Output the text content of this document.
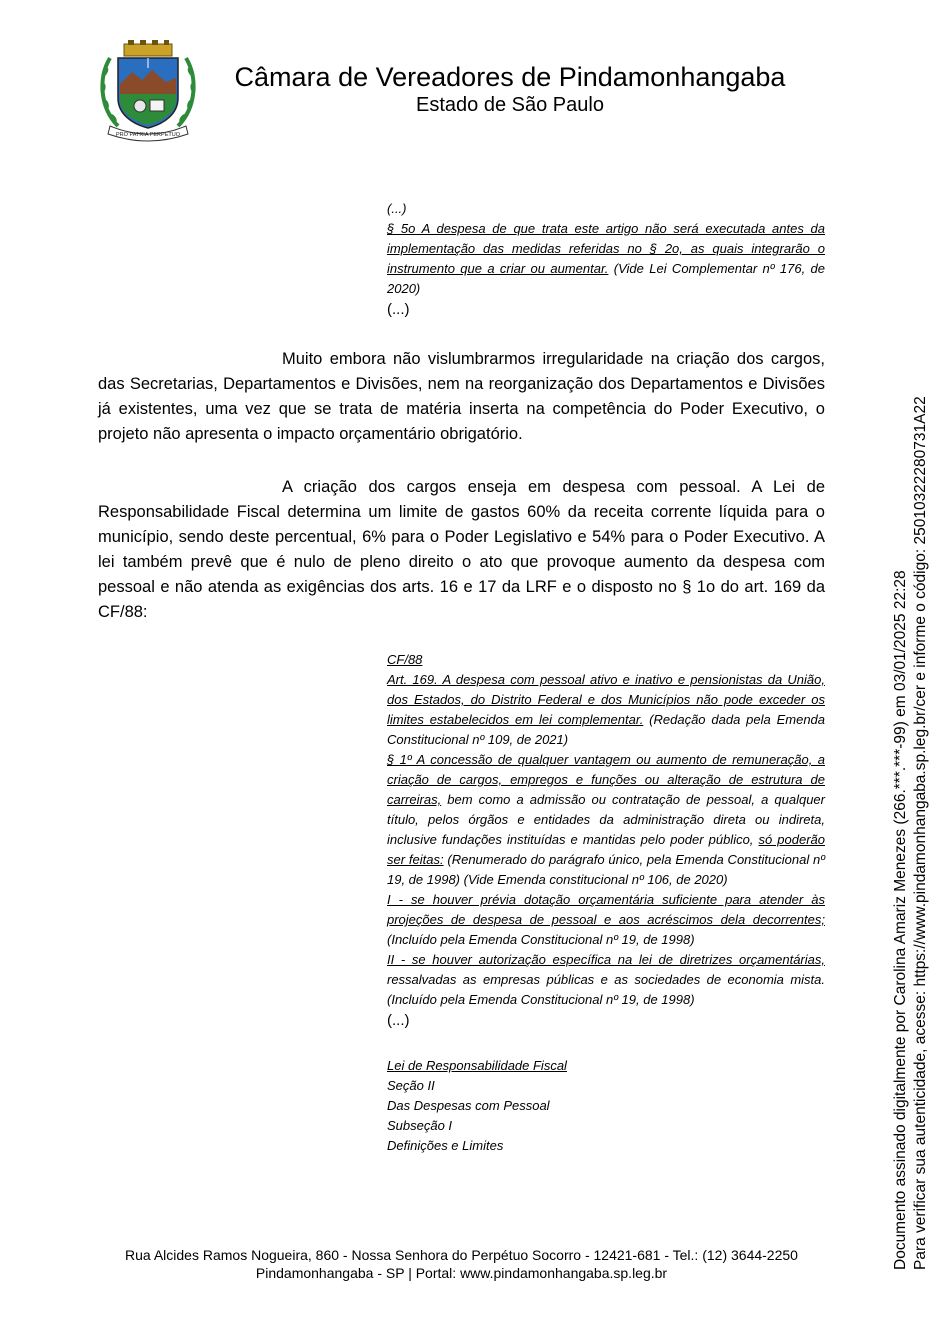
PRO PATRIA PERPETUO
Câmara de Vereadores de Pindamonhangaba
Estado de São Paulo

(...)

§ 5o A despesa de que trata este artigo não será executada antes da implementação das medidas referidas no § 2o, as quais integrarão o instrumento que a criar ou aumentar. (Vide Lei Complementar nº 176, de 2020)

(...)

Muito embora não vislumbrarmos irregularidade na criação dos cargos, das Secretarias, Departamentos e Divisões, nem na reorganização dos Departamentos e Divisões já existentes, uma vez que se trata de matéria inserta na competência do Poder Executivo, o projeto não apresenta o impacto orçamentário obrigatório.

A criação dos cargos enseja em despesa com pessoal. A Lei de Responsabilidade Fiscal determina um limite de gastos 60% da receita corrente líquida para o município, sendo deste percentual, 6% para o Poder Legislativo e 54% para o Poder Executivo. A lei também prevê que é nulo de pleno direito o ato que provoque aumento da despesa com pessoal e não atenda as exigências dos arts. 16 e 17 da LRF e o disposto no § 1o do art. 169 da CF/88:

CF/88

Art. 169. A despesa com pessoal ativo e inativo e pensionistas da União, dos Estados, do Distrito Federal e dos Municípios não pode exceder os limites estabelecidos em lei complementar. (Redação dada pela Emenda Constitucional nº 109, de 2021)

§ 1º A concessão de qualquer vantagem ou aumento de remuneração, a criação de cargos, empregos e funções ou alteração de estrutura de carreiras, bem como a admissão ou contratação de pessoal, a qualquer título, pelos órgãos e entidades da administração direta ou indireta, inclusive fundações instituídas e mantidas pelo poder público, só poderão ser feitas: (Renumerado do parágrafo único, pela Emenda Constitucional nº 19, de 1998) (Vide Emenda constitucional nº 106, de 2020)

I - se houver prévia dotação orçamentária suficiente para atender às projeções de despesa de pessoal e aos acréscimos dela decorrentes; (Incluído pela Emenda Constitucional nº 19, de 1998)

II - se houver autorização específica na lei de diretrizes orçamentárias, ressalvadas as empresas públicas e as sociedades de economia mista. (Incluído pela Emenda Constitucional nº 19, de 1998)

(...)

Lei de Responsabilidade Fiscal

Seção II

Das Despesas com Pessoal

Subseção I

Definições e Limites

Rua Alcides Ramos Nogueira, 860 - Nossa Senhora do Perpétuo Socorro - 12421-681 - Tel.: (12) 3644-2250
Pindamonhangaba - SP | Portal: www.pindamonhangaba.sp.leg.br
Documento assinado digitalmente por Carolina Amariz Menezes (266.***.***-99) em 03/01/2025 22:28 Para verificar sua autenticidade, acesse: https://www.pindamonhangaba.sp.leg.br/cer e informe o código: 25010322280731A22
